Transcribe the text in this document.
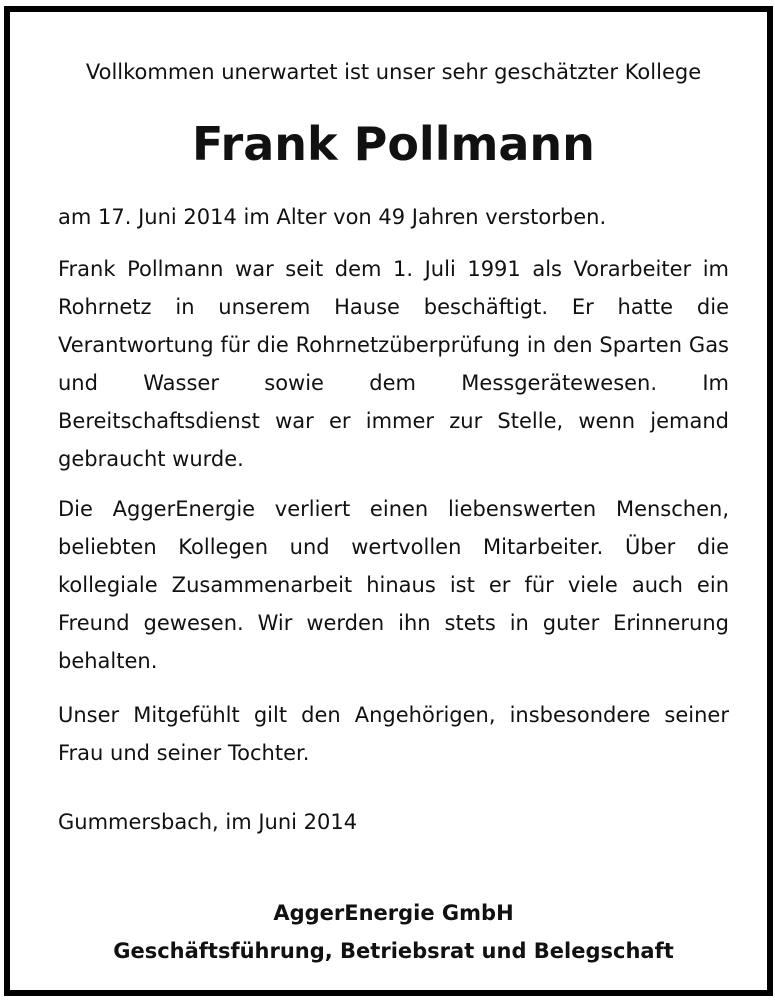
Vollkommen unerwartet ist unser sehr geschätzter Kollege
Frank Pollmann
am 17. Juni 2014 im Alter von 49 Jahren verstorben.
Frank Pollmann war seit dem 1. Juli 1991 als Vorarbeiter im Rohrnetz in unserem Hause beschäftigt. Er hatte die Verantwortung für die Rohrnetzüberprüfung in den Sparten Gas und Wasser sowie dem Messgerätewesen. Im Bereitschaftsdienst war er immer zur Stelle, wenn jemand gebraucht wurde.
Die AggerEnergie verliert einen liebenswerten Menschen, beliebten Kollegen und wertvollen Mitarbeiter. Über die kollegiale Zusammenarbeit hinaus ist er für viele auch ein Freund gewesen. Wir werden ihn stets in guter Erinnerung behalten.
Unser Mitgefühlt gilt den Angehörigen, insbesondere seiner Frau und seiner Tochter.
Gummersbach, im Juni 2014
AggerEnergie GmbH
Geschäftsführung, Betriebsrat und Belegschaft
